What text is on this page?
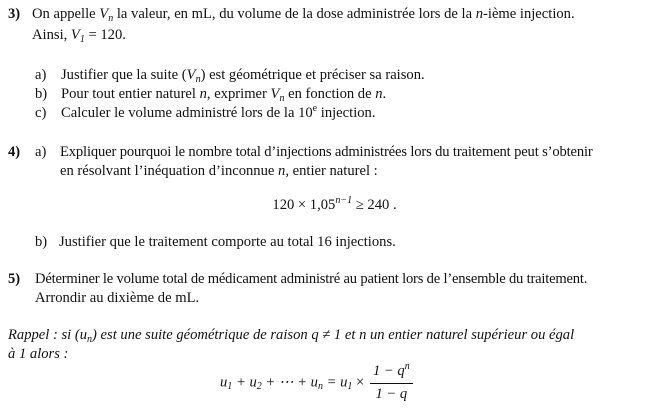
3) On appelle $V_n$ la valeur, en mL, du volume de la dose administrée lors de la n-ième injection.
Ainsi, $V_1 = 120$.
a) Justifier que la suite $(V_n)$ est géométrique et préciser sa raison.
b) Pour tout entier naturel n, exprimer $V_n$ en fonction de n.
c) Calculer le volume administré lors de la 10e injection.
4) a) Expliquer pourquoi le nombre total d’injections administrées lors du traitement peut s’obtenir
en résolvant l’inéquation d’inconnue n, entier naturel :
$120 \times 1,05^{n-1} \ge 240$ .
b) Justifier que le traitement comporte au total 16 injections.
5) Déterminer le volume total de médicament administré au patient lors de l’ensemble du traitement.
Arrondir au dixième de mL.
Rappel : si $(u_n)$ est une suite géométrique de raison q ≠ 1 et n un entier naturel supérieur ou égal
à 1 alors :
$u_1 + u_2$ + ⋯ + $u_n = u_1 \times \frac{1 - q^n}{1 - q}$
